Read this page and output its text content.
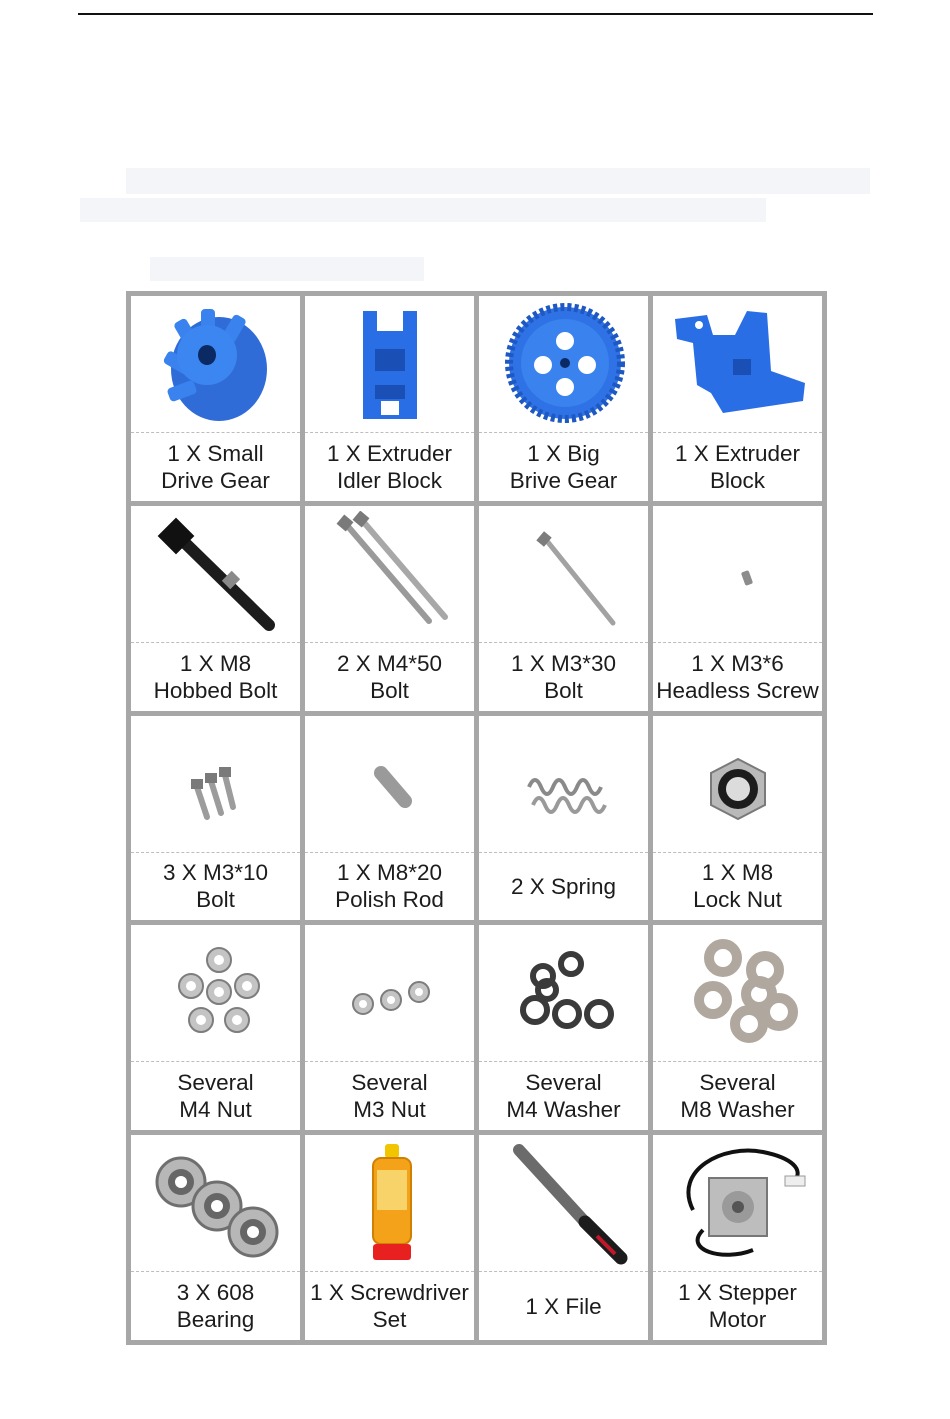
1 X Small
Drive Gear
1 X Extruder
Idler Block
1 X Big
Brive Gear
1 X Extruder
Block
1 X M8
Hobbed Bolt
2 X M4*50
Bolt
1 X M3*30
Bolt
1 X M3*6
Headless Screw
3 X M3*10
Bolt
1 X M8*20
Polish Rod
2 X Spring
1 X M8
Lock Nut
Several
M4 Nut
Several
M3 Nut
Several
M4 Washer
Several
M8 Washer
3 X 608
Bearing
1 X Screwdriver
Set
1 X File
1 X Stepper
Motor
